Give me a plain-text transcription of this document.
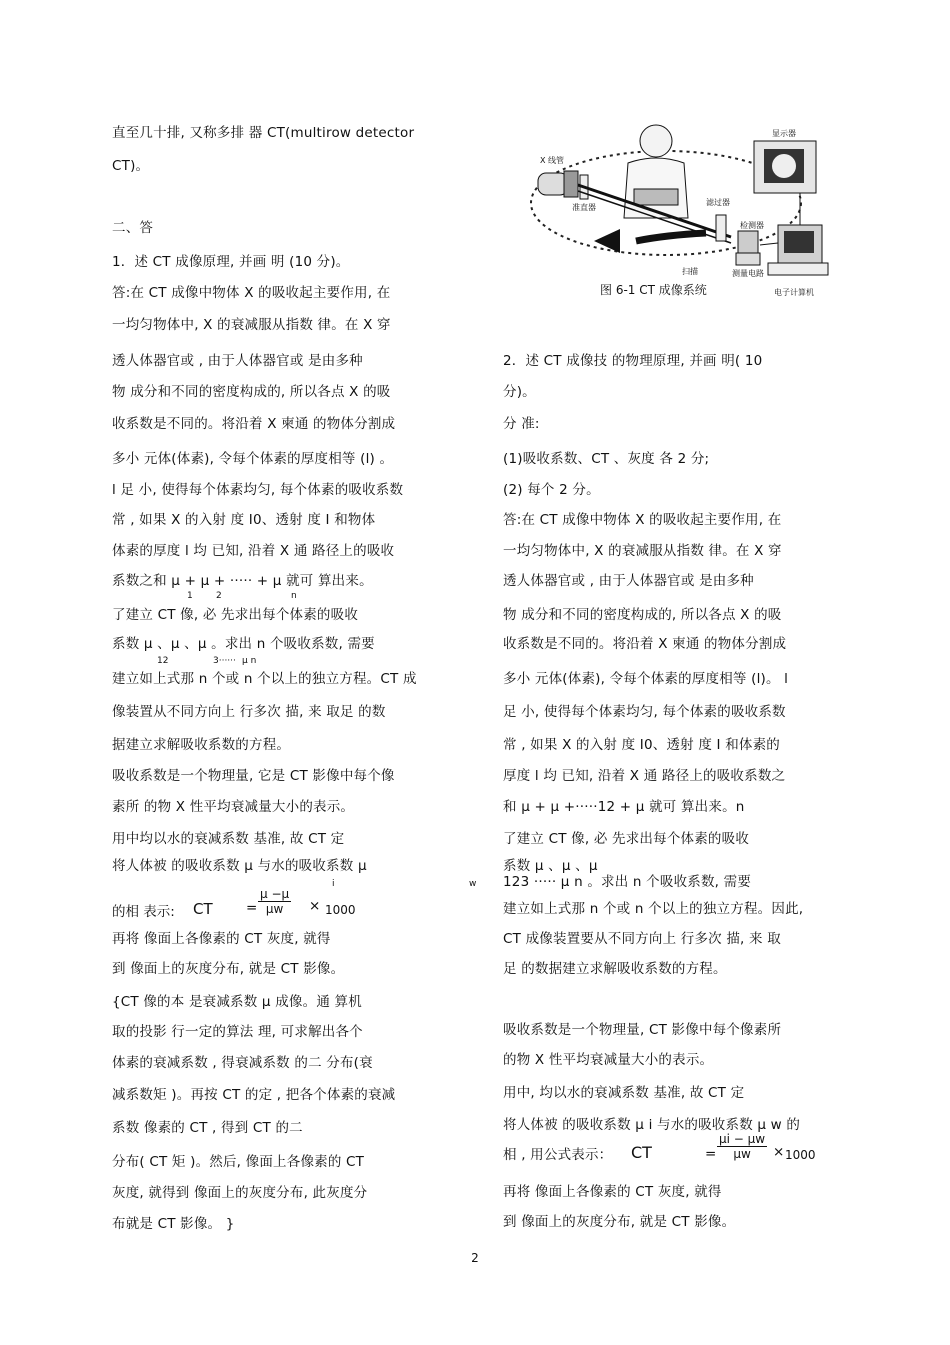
直至几十排, 又称多排 器 CT(multirow detector
CT)。
二、答
1．述 CT 成像原理, 并画 明 (10 分)。
答:在 CT 成像中物体 X 的吸收起主要作用, 在
一均匀物体中, X 的衰减服从指数 律。在 X 穿
透人体器官或 , 由于人体器官或 是由多种
物 成分和不同的密度构成的, 所以各点 X 的吸
收系数是不同的。将沿着 X 柬通 的物体分割成
多小 元体(体素), 令每个体素的厚度相等 (l) 。
l 足 小, 使得每个体素均匀, 每个体素的吸收系数
常 , 如果 X 的入射 度 I0、透射 度 I 和物体
体素的厚度 l 均 已知, 沿着 X 通 路径上的吸收
系数之和 μ + μ + ····· + μ 就可 算出来。
1	2	n
了建立 CT 像, 必 先求出每个体素的吸收
系数 μ 、μ 、μ 。求出 n 个吸收系数, 需要
12	3······ μ n
建立如上式那 n 个或 n 个以上的独立方程。CT 成
像装置从不同方向上 行多次 描, 来 取足 的数
据建立求解吸收系数的方程。
吸收系数是一个物理量, 它是 CT 影像中每个像
素所 的物 X 性平均衰减量大小的表示。
用中均以水的衰减系数 基准, 故 CT 定
将人体被 的吸收系数 μ 与水的吸收系数 μ
i	w
的相 表示: CT = $\frac{\mu -\mu}{\mu w} \times 1000$
再将 像面上各像素的 CT 灰度, 就得
到 像面上的灰度分布, 就是 CT 影像。
{CT 像的本 是衰减系数 μ 成像。通 算机
取的投影 行一定的算法 理, 可求解出各个
体素的衰减系数 , 得衰减系数 的二 分布(衰
减系数矩 )。再按 CT 的定 , 把各个体素的衰减
系数 像素的 CT , 得到 CT 的二
分布( CT 矩 )。然后, 像面上各像素的 CT
灰度, 就得到 像面上的灰度分布, 此灰度分
布就是 CT 影像。 }
X 线管
准直器
滤过器
检测器
显示器
扫描	测量电路
电子计算机
图 6-1 CT 成像系统
2．述 CT 成像技 的物理原理, 并画 明( 10
分)。
分 准:
(1)吸收系数、CT 、灰度 各 2 分;
(2) 每个 2 分。
答:在 CT 成像中物体 X 的吸收起主要作用, 在
一均匀物体中, X 的衰减服从指数 律。在 X 穿
透人体器官或 , 由于人体器官或 是由多种
物 成分和不同的密度构成的, 所以各点 X 的吸
收系数是不同的。将沿着 X 柬通 的物体分割成
多小 元体(体素), 令每个体素的厚度相等 (l)。 l
足 小, 使得每个体素均匀, 每个体素的吸收系数
常 , 如果 X 的入射 度 I0、透射 度 I 和体素的
厚度 l 均 已知, 沿着 X 通 路径上的吸收系数之
和 μ + μ +·····12 + μ 就可 算出来。n
了建立 CT 像, 必 先求出每个体素的吸收
系数 μ 、μ 、μ
123 ····· μ n 。求出 n 个吸收系数, 需要
建立如上式那 n 个或 n 个以上的独立方程。因此,
CT 成像装置要从不同方向上 行多次 描, 来 取
足 的数据建立求解吸收系数的方程。
吸收系数是一个物理量, CT 影像中每个像素所
的物 X 性平均衰减量大小的表示。
用中, 均以水的衰减系数 基准, 故 CT 定
将人体被 的吸收系数 μ i 与水的吸收系数 μ w 的
相 , 用公式表示： CT	= $\frac{\mu i - \mu w}{\mu w} \times 1000$
再将 像面上各像素的 CT 灰度, 就得
到 像面上的灰度分布, 就是 CT 影像。
2
